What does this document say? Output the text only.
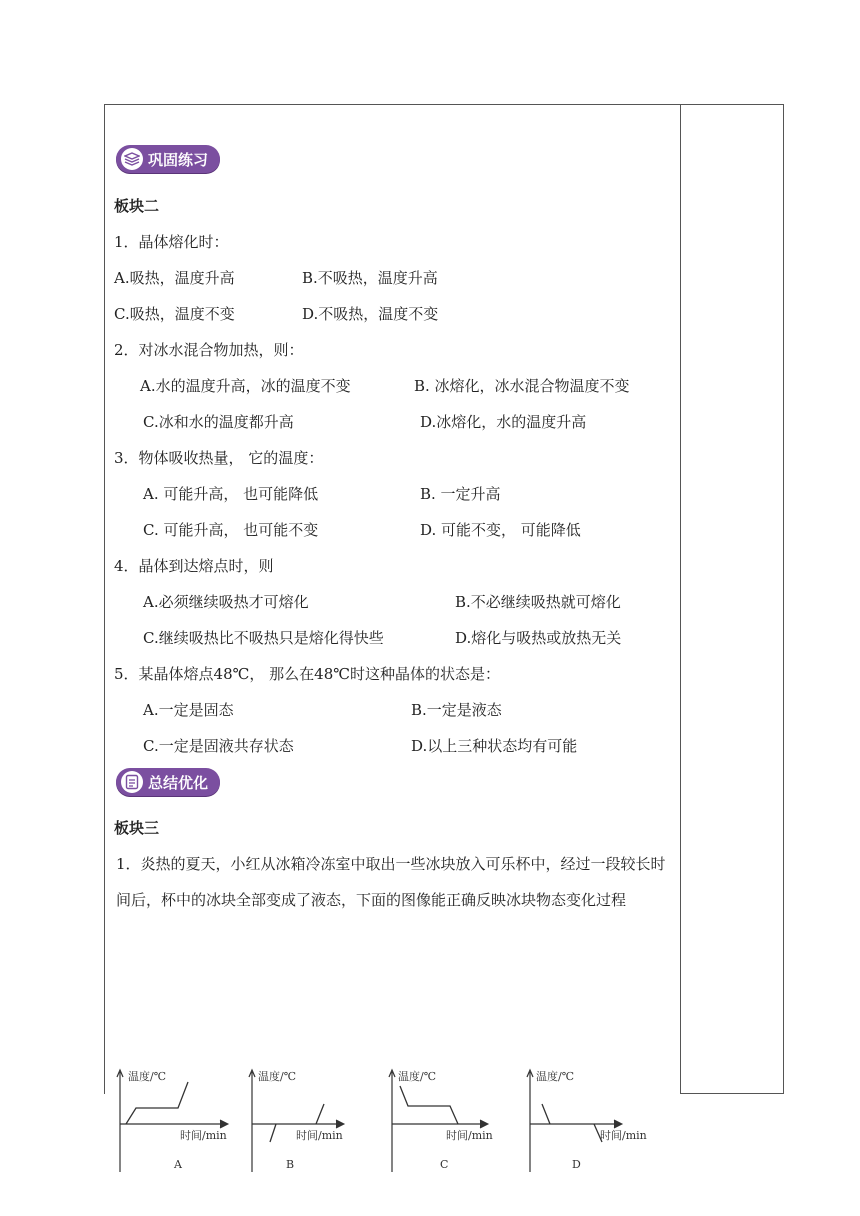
巩固练习
板块二
1．晶体熔化时：
A.吸热，温度升高	B.不吸热，温度升高
C.吸热，温度不变	D.不吸热，温度不变
2．对冰水混合物加热，则：
A.水的温度升高，冰的温度不变	B. 冰熔化，冰水混合物温度不变
C.冰和水的温度都升高	D.冰熔化，水的温度升高
3．物体吸收热量， 它的温度：
A. 可能升高， 也可能降低	B. 一定升高
C. 可能升高， 也可能不变	D. 可能不变， 可能降低
4．晶体到达熔点时，则
A.必须继续吸热才可熔化	B.不必继续吸热就可熔化
C.继续吸热比不吸热只是熔化得快些	D.熔化与吸热或放热无关
5．某晶体熔点48℃， 那么在48℃时这种晶体的状态是：
A.一定是固态	B.一定是液态
C.一定是固液共存状态	D.以上三种状态均有可能
总结优化
板块三
1．炎热的夏天，小红从冰箱冷冻室中取出一些冰块放入可乐杯中，经过一段较长时间后，杯中的冰块全部变成了液态，下面的图像能正确反映冰块物态变化过程
温度/℃
时间/min
A
温度/℃
时间/min
B
温度/℃
时间/min
C
温度/℃
时间/min
D
